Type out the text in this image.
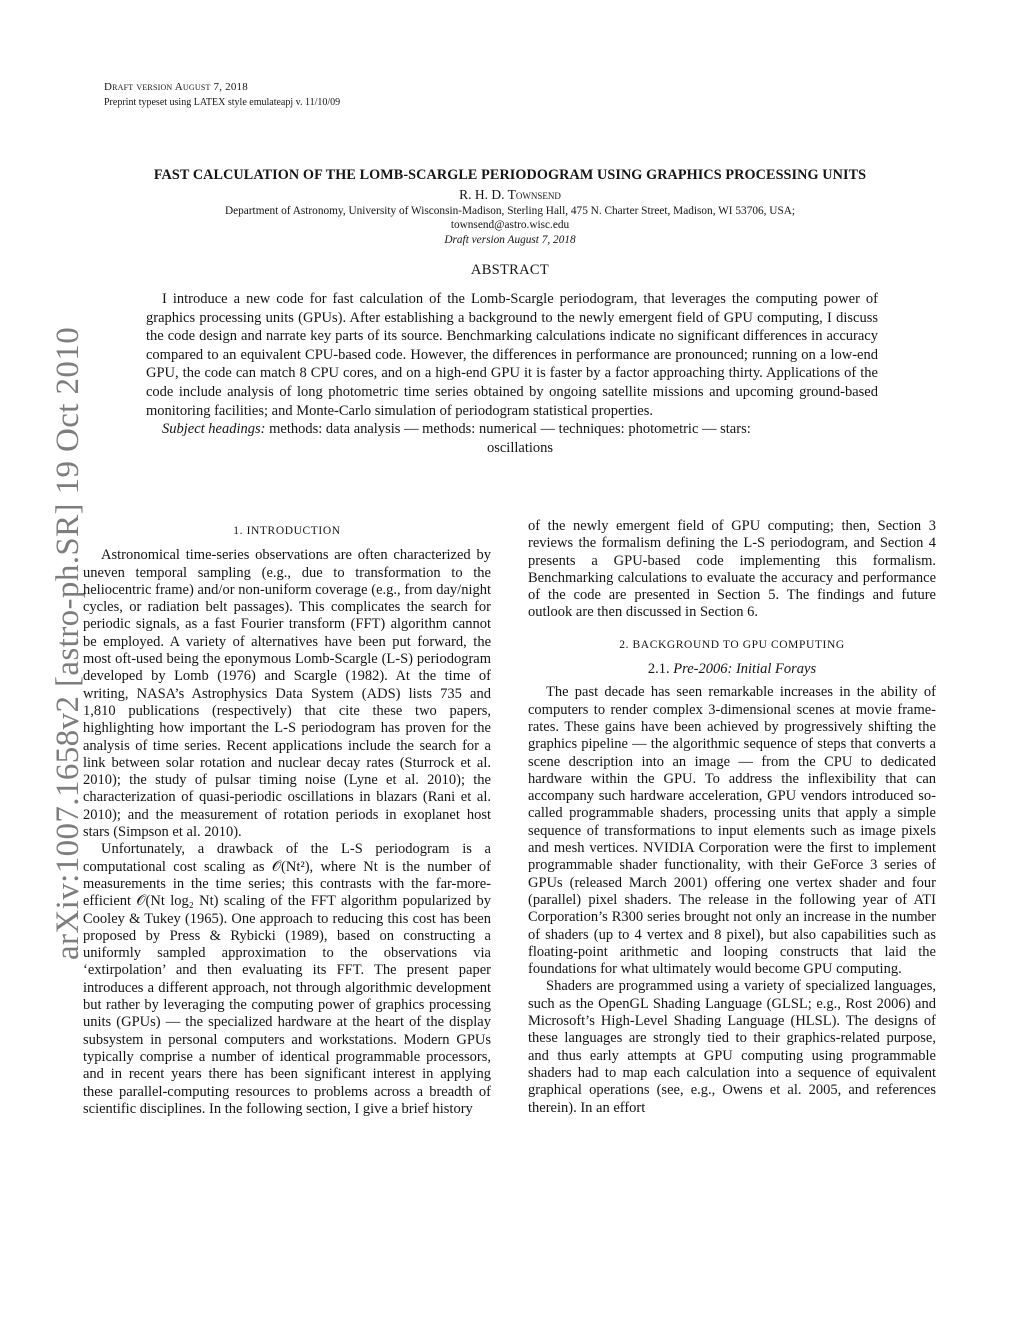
Draft version August 7, 2018
Preprint typeset using LATEX style emulateapj v. 11/10/09
arXiv:1007.1658v2 [astro-ph.SR] 19 Oct 2010
FAST CALCULATION OF THE LOMB-SCARGLE PERIODOGRAM USING GRAPHICS PROCESSING UNITS
R. H. D. Townsend
Department of Astronomy, University of Wisconsin-Madison, Sterling Hall, 475 N. Charter Street, Madison, WI 53706, USA;
townsend@astro.wisc.edu
Draft version August 7, 2018
ABSTRACT

I introduce a new code for fast calculation of the Lomb-Scargle periodogram, that leverages the computing power of graphics processing units (GPUs). After establishing a background to the newly emergent field of GPU computing, I discuss the code design and narrate key parts of its source. Benchmarking calculations indicate no significant differences in accuracy compared to an equivalent CPU-based code. However, the differences in performance are pronounced; running on a low-end GPU, the code can match 8 CPU cores, and on a high-end GPU it is faster by a factor approaching thirty. Applications of the code include analysis of long photometric time series obtained by ongoing satellite missions and upcoming ground-based monitoring facilities; and Monte-Carlo simulation of periodogram statistical properties.

Subject headings: methods: data analysis — methods: numerical — techniques: photometric — stars:
oscillations

1. INTRODUCTION

Astronomical time-series observations are often characterized by uneven temporal sampling (e.g., due to transformation to the heliocentric frame) and/or non-uniform coverage (e.g., from day/night cycles, or radiation belt passages). This complicates the search for periodic signals, as a fast Fourier transform (FFT) algorithm cannot be employed. A variety of alternatives have been put forward, the most oft-used being the eponymous Lomb-Scargle (L-S) periodogram developed by Lomb (1976) and Scargle (1982). At the time of writing, NASA’s Astrophysics Data System (ADS) lists 735 and 1,810 publications (respectively) that cite these two papers, highlighting how important the L-S periodogram has proven for the analysis of time series. Recent applications include the search for a link between solar rotation and nuclear decay rates (Sturrock et al. 2010); the study of pulsar timing noise (Lyne et al. 2010); the characterization of quasi-periodic oscillations in blazars (Rani et al. 2010); and the measurement of rotation periods in exoplanet host stars (Simpson et al. 2010).

Unfortunately, a drawback of the L-S periodogram is a computational cost scaling as 𝒪(Nt²), where Nt is the number of measurements in the time series; this contrasts with the far-more-efficient 𝒪(Nt log₂ Nt) scaling of the FFT algorithm popularized by Cooley & Tukey (1965). One approach to reducing this cost has been proposed by Press & Rybicki (1989), based on constructing a uniformly sampled approximation to the observations via ‘extirpolation’ and then evaluating its FFT. The present paper introduces a different approach, not through algorithmic development but rather by leveraging the computing power of graphics processing units (GPUs) — the specialized hardware at the heart of the display subsystem in personal computers and workstations. Modern GPUs typically comprise a number of identical programmable processors, and in recent years there has been significant interest in applying these parallel-computing resources to problems across a breadth of scientific disciplines. In the following section, I give a brief history

of the newly emergent field of GPU computing; then, Section 3 reviews the formalism defining the L-S periodogram, and Section 4 presents a GPU-based code implementing this formalism. Benchmarking calculations to evaluate the accuracy and performance of the code are presented in Section 5. The findings and future outlook are then discussed in Section 6.

2. BACKGROUND TO GPU COMPUTING
2.1. Pre-2006: Initial Forays

The past decade has seen remarkable increases in the ability of computers to render complex 3-dimensional scenes at movie frame-rates. These gains have been achieved by progressively shifting the graphics pipeline — the algorithmic sequence of steps that converts a scene description into an image — from the CPU to dedicated hardware within the GPU. To address the inflexibility that can accompany such hardware acceleration, GPU vendors introduced so-called programmable shaders, processing units that apply a simple sequence of transformations to input elements such as image pixels and mesh vertices. NVIDIA Corporation were the first to implement programmable shader functionality, with their GeForce 3 series of GPUs (released March 2001) offering one vertex shader and four (parallel) pixel shaders. The release in the following year of ATI Corporation’s R300 series brought not only an increase in the number of shaders (up to 4 vertex and 8 pixel), but also capabilities such as floating-point arithmetic and looping constructs that laid the foundations for what ultimately would become GPU computing.

Shaders are programmed using a variety of specialized languages, such as the OpenGL Shading Language (GLSL; e.g., Rost 2006) and Microsoft’s High-Level Shading Language (HLSL). The designs of these languages are strongly tied to their graphics-related purpose, and thus early attempts at GPU computing using programmable shaders had to map each calculation into a sequence of equivalent graphical operations (see, e.g., Owens et al. 2005, and references therein). In an effort
